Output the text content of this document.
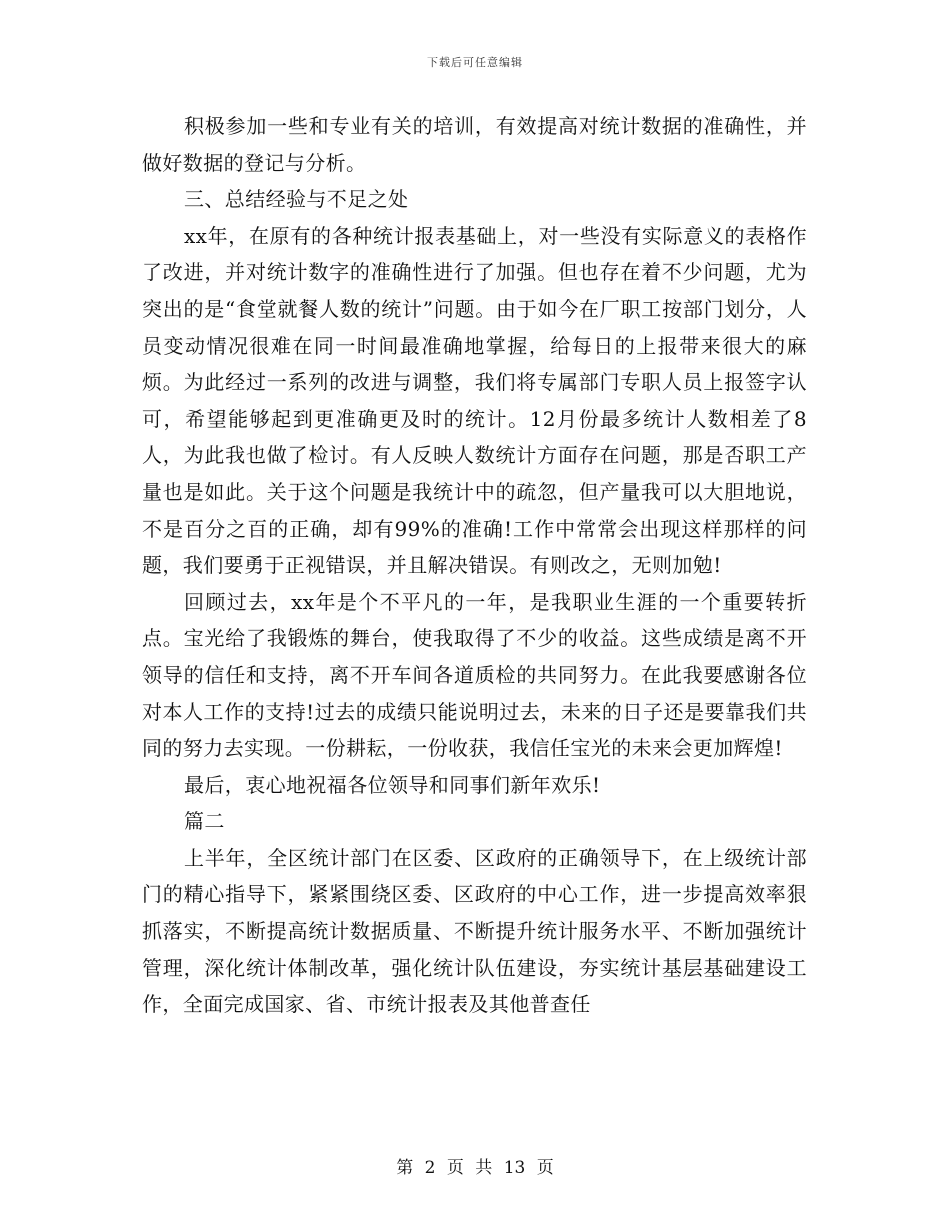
下载后可任意编辑

积极参加一些和专业有关的培训，有效提高对统计数据的准确性，并做好数据的登记与分析。

三、总结经验与不足之处

xx年，在原有的各种统计报表基础上，对一些没有实际意义的表格作了改进，并对统计数字的准确性进行了加强。但也存在着不少问题，尤为突出的是“食堂就餐人数的统计”问题。由于如今在厂职工按部门划分，人员变动情况很难在同一时间最准确地掌握，给每日的上报带来很大的麻烦。为此经过一系列的改进与调整，我们将专属部门专职人员上报签字认可，希望能够起到更准确更及时的统计。12月份最多统计人数相差了8人，为此我也做了检讨。有人反映人数统计方面存在问题，那是否职工产量也是如此。关于这个问题是我统计中的疏忽，但产量我可以大胆地说，不是百分之百的正确，却有99%的准确!工作中常常会出现这样那样的问题，我们要勇于正视错误，并且解决错误。有则改之，无则加勉!

回顾过去，xx年是个不平凡的一年，是我职业生涯的一个重要转折点。宝光给了我锻炼的舞台，使我取得了不少的收益。这些成绩是离不开领导的信任和支持，离不开车间各道质检的共同努力。在此我要感谢各位对本人工作的支持!过去的成绩只能说明过去，未来的日子还是要靠我们共同的努力去实现。一份耕耘，一份收获，我信任宝光的未来会更加辉煌!

最后，衷心地祝福各位领导和同事们新年欢乐!

篇二

上半年，全区统计部门在区委、区政府的正确领导下，在上级统计部门的精心指导下，紧紧围绕区委、区政府的中心工作，进一步提高效率狠抓落实，不断提高统计数据质量、不断提升统计服务水平、不断加强统计管理，深化统计体制改革，强化统计队伍建设，夯实统计基层基础建设工作，全面完成国家、省、市统计报表及其他普查任

第 2 页 共 13 页
